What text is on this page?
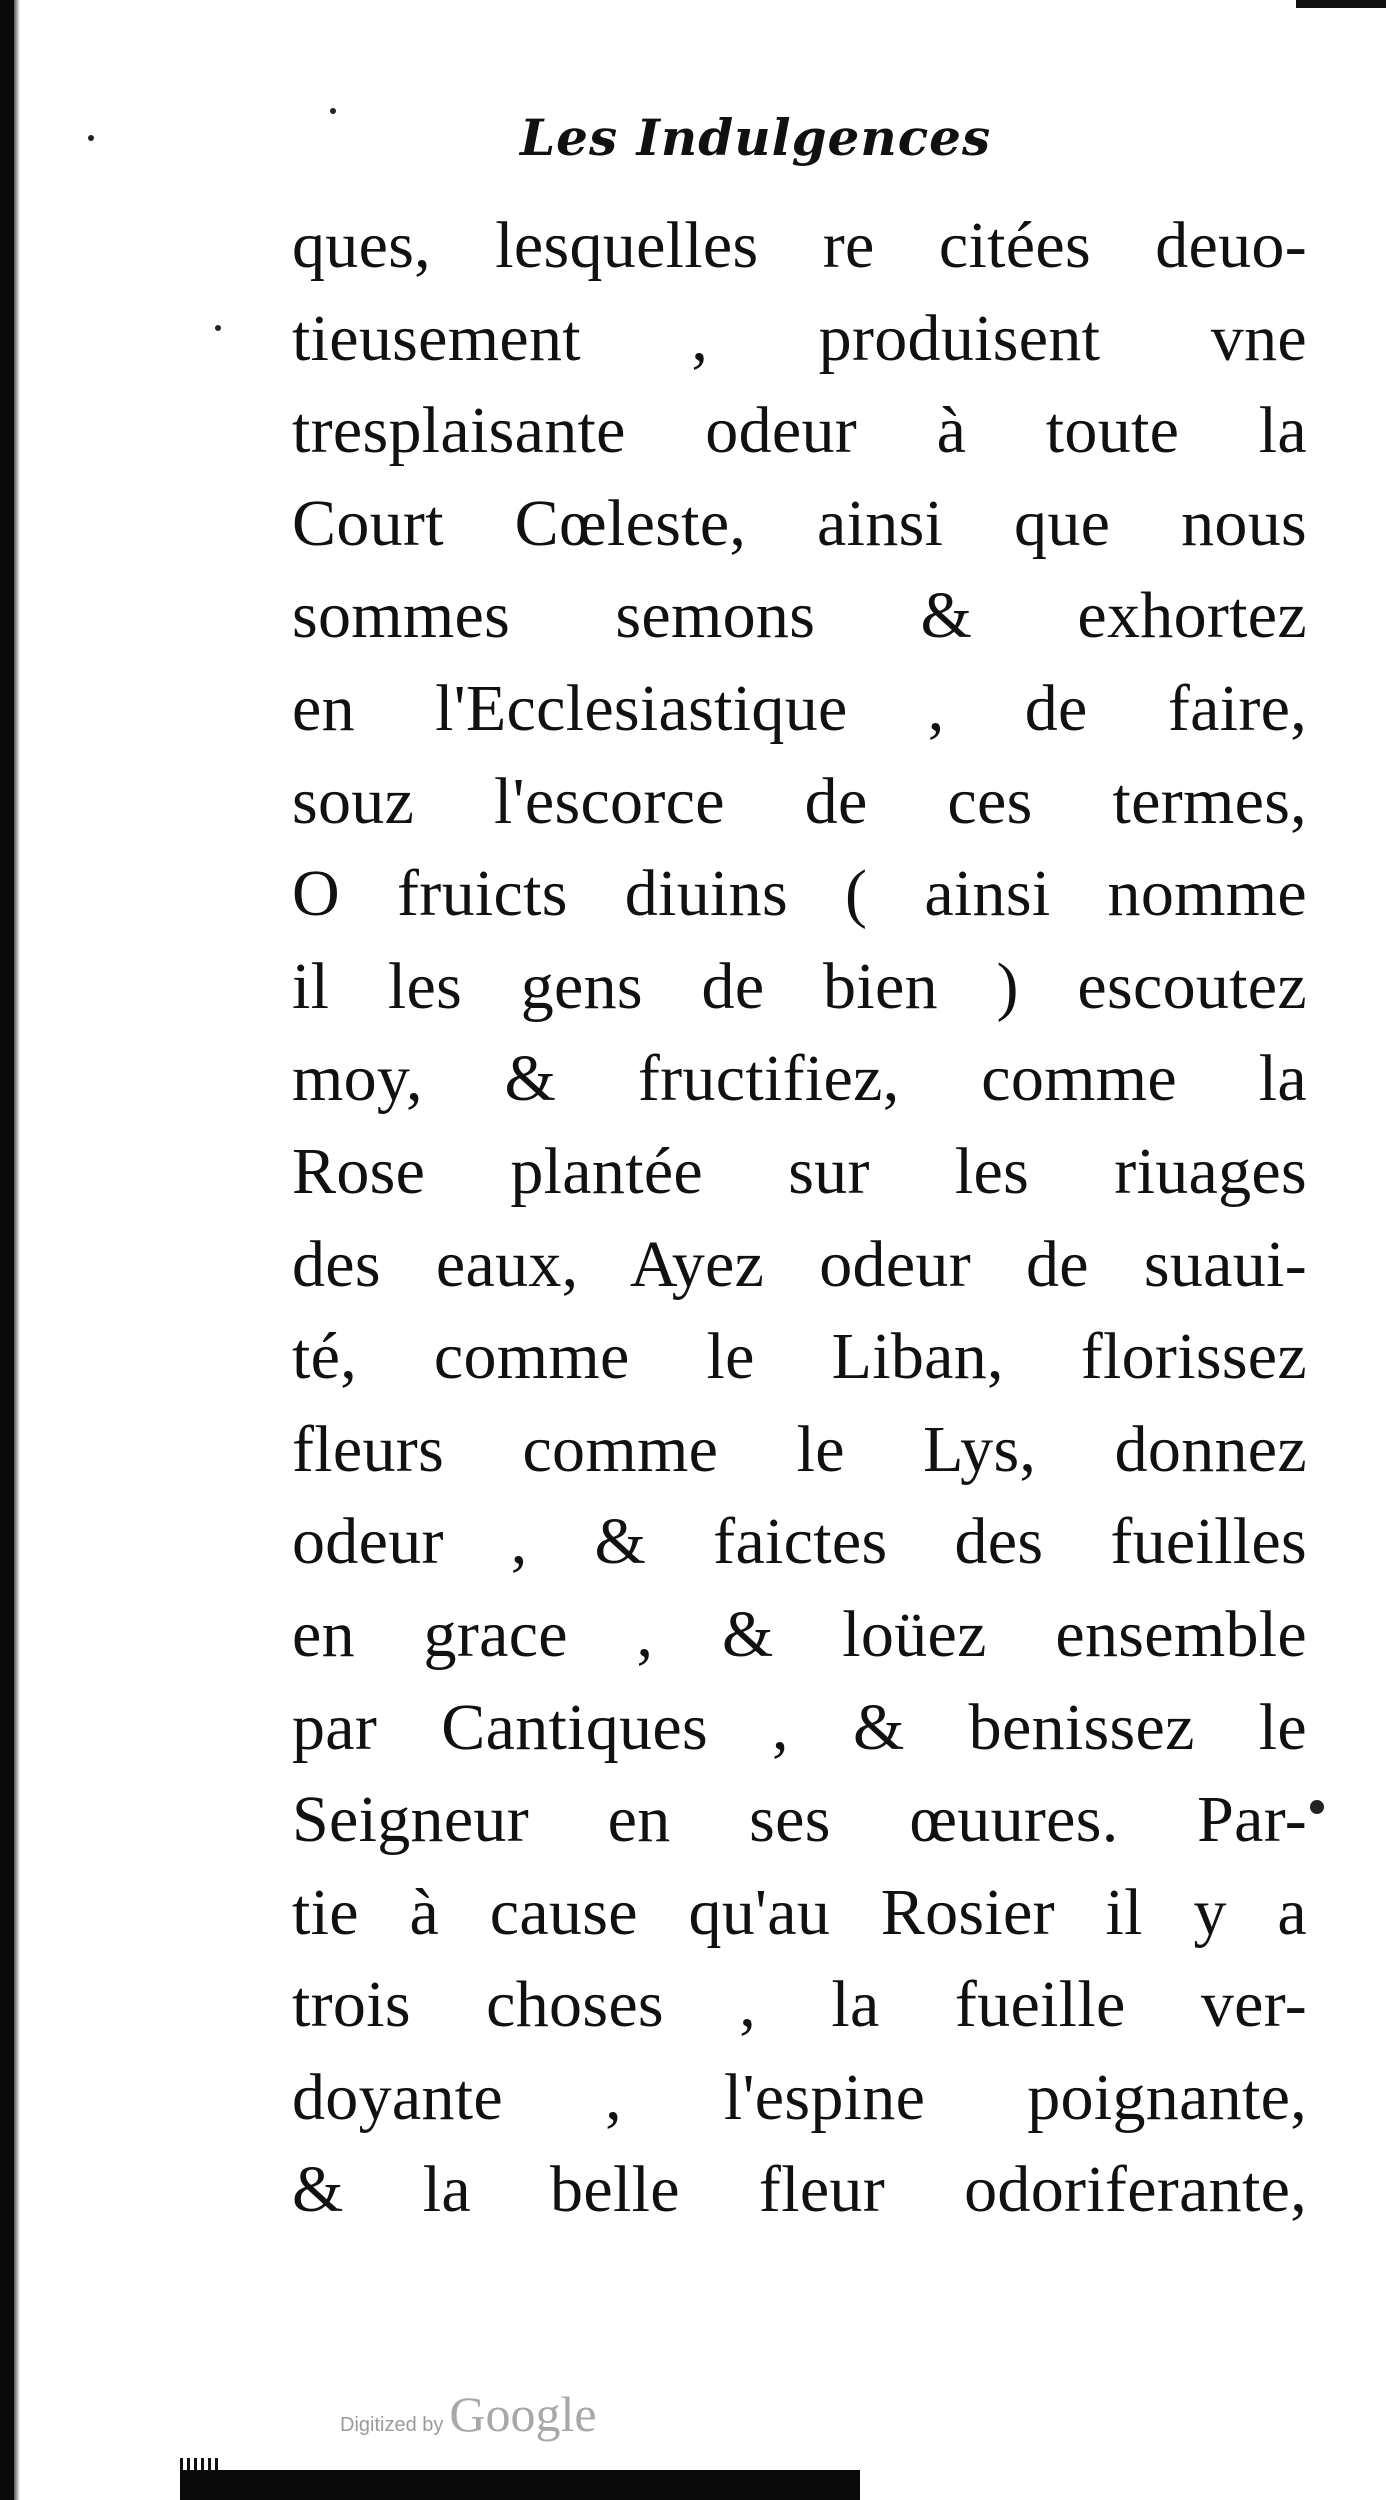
Les Indulgences
ques, lesquelles re citées deuo-
tieusement , produisent vne
tresplaisante odeur à toute la
Court Cœleste, ainsi que nous
sommes semons & exhortez
en l'Ecclesiastique , de faire,
souz l'escorce de ces termes,
O fruicts diuins ( ainsi nomme
il les gens de bien ) escoutez
moy, & fructifiez, comme la
Rose plantée sur les riuages
des eaux, Ayez odeur de suaui-
té, comme le Liban, florissez
fleurs comme le Lys, donnez
odeur , & faictes des fueilles
en grace , & loüez ensemble
par Cantiques , & benissez le
Seigneur en ses œuures. Par-
tie à cause qu'au Rosier il y a
trois choses , la fueille ver-
doyante , l'espine poignante,
& la belle fleur odoriferante,
Digitized by Google
